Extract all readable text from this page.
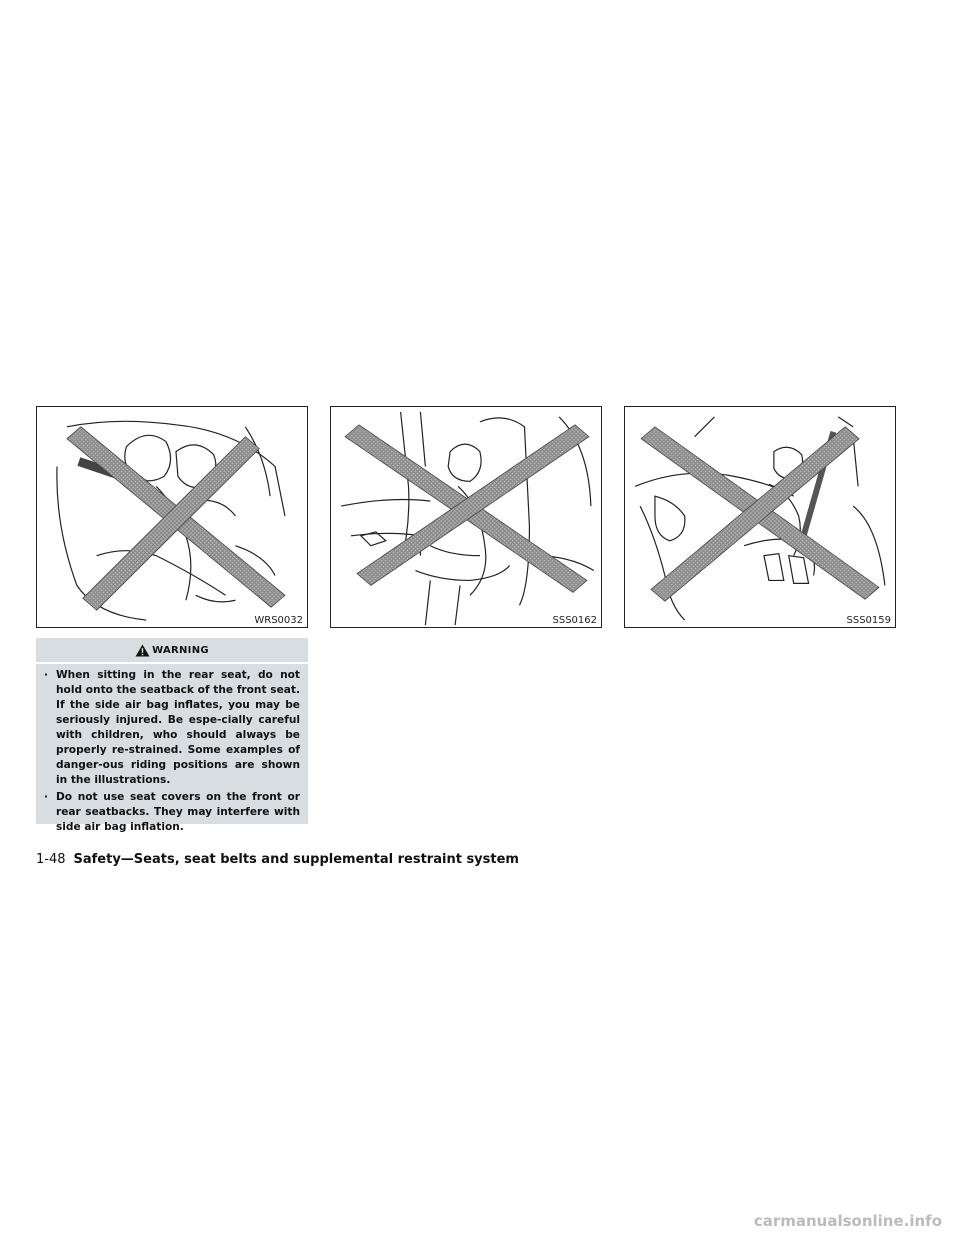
WRS0032	SSS0162	SSS0159
WARNING
· When sitting in the rear seat, do not hold onto the seatback of the front seat. If the side air bag inflates, you may be seriously injured. Be espe-cially careful with children, who should always be properly re-strained. Some examples of danger-ous riding positions are shown in the illustrations.
· Do not use seat covers on the front or rear seatbacks. They may interfere with side air bag inflation.
1-48 Safety—Seats, seat belts and supplemental restraint system
carmanualsonline.info
